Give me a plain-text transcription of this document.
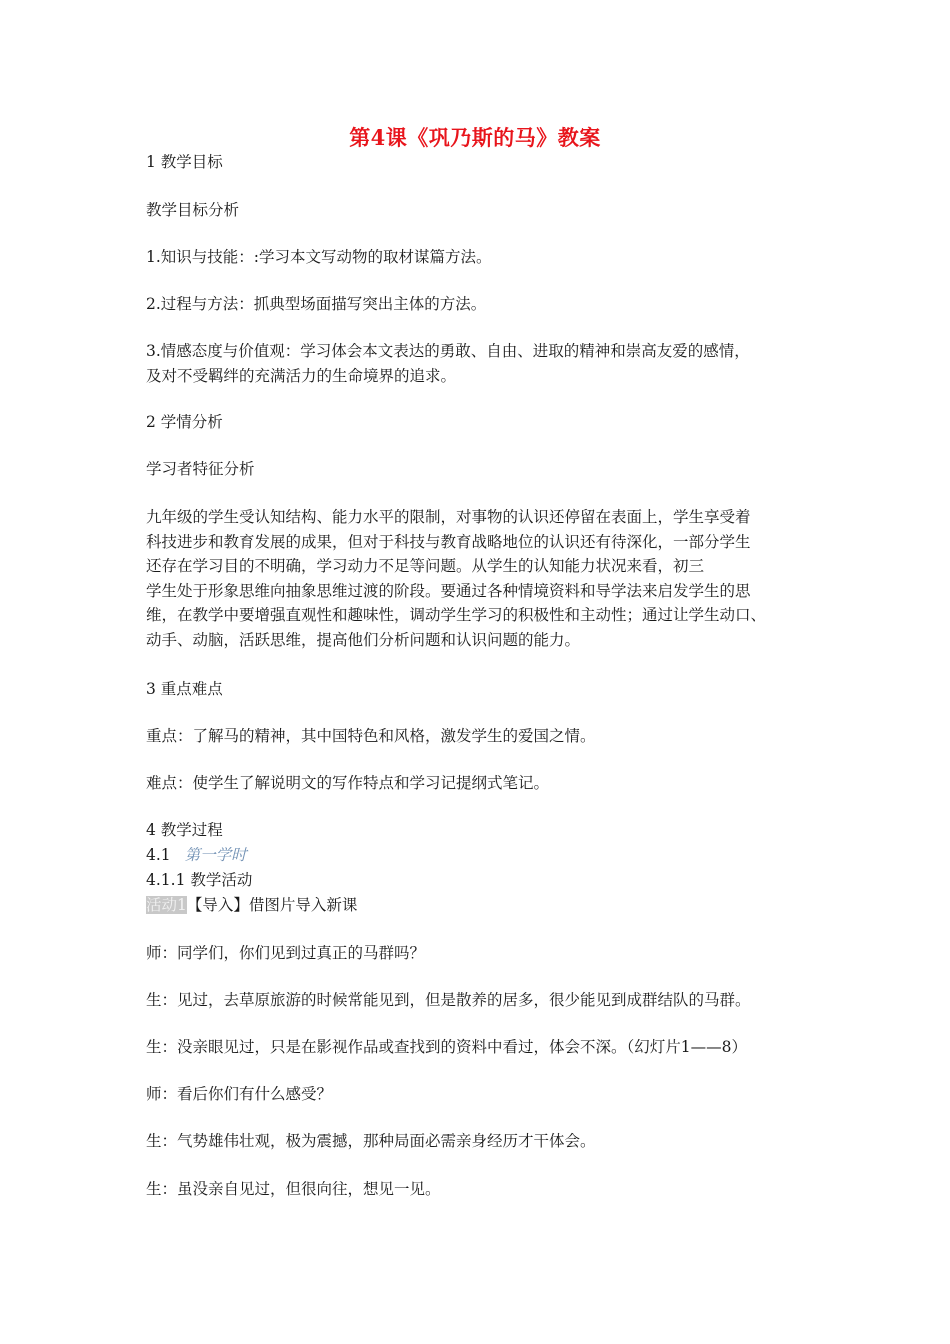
第4课《巩乃斯的马》教案
1 教学目标
教学目标分析
1.知识与技能：:学习本文写动物的取材谋篇方法。
2.过程与方法：抓典型场面描写突出主体的方法。
3.情感态度与价值观：学习体会本文表达的勇敢、自由、进取的精神和崇高友爱的感情，
及对不受羁绊的充满活力的生命境界的追求。
2 学情分析
学习者特征分析
九年级的学生受认知结构、能力水平的限制，对事物的认识还停留在表面上，学生享受着
科技进步和教育发展的成果，但对于科技与教育战略地位的认识还有待深化，一部分学生
还存在学习目的不明确，学习动力不足等问题。从学生的认知能力状况来看，初三
学生处于形象思维向抽象思维过渡的阶段。要通过各种情境资料和导学法来启发学生的思
维，在教学中要增强直观性和趣味性，调动学生学习的积极性和主动性；通过让学生动口、
动手、动脑，活跃思维，提高他们分析问题和认识问题的能力。
3 重点难点
重点：了解马的精神，其中国特色和风格，激发学生的爱国之情。
难点：使学生了解说明文的写作特点和学习记提纲式笔记。
4 教学过程
4.1 第一学时
4.1.1 教学活动
活动1【导入】借图片导入新课
师：同学们，你们见到过真正的马群吗？
生：见过，去草原旅游的时候常能见到，但是散养的居多，很少能见到成群结队的马群。
生：没亲眼见过，只是在影视作品或查找到的资料中看过，体会不深。（幻灯片1——8）
师：看后你们有什么感受？
生：气势雄伟壮观，极为震撼，那种局面必需亲身经历才干体会。
生：虽没亲自见过，但很向往，想见一见。
